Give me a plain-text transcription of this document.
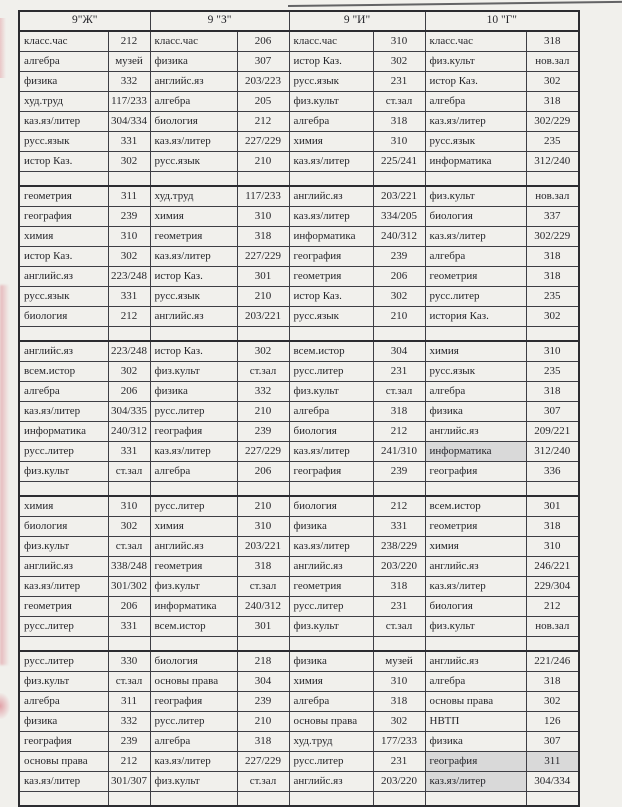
9"Ж"		9 "З"		9 "И"		10 "Г"	
класс.час	212	класс.час	206	класс.час	310	класс.час	318
алгебра	музей	физика	307	истор Каз.	302	физ.культ	нов.зал
физика	332	английс.яз	203/223	русс.язык	231	истор Каз.	302
худ.труд	117/233	алгебра	205	физ.культ	ст.зал	алгебра	318
каз.яз/литер	304/334	биология	212	алгебра	318	каз.яз/литер	302/229
русс.язык	331	каз.яз/литер	227/229	химия	310	русс.язык	235
истор Каз.	302	русс.язык	210	каз.яз/литер	225/241	информатика	312/240

геометрия	311	худ.труд	117/233	английс.яз	203/221	физ.культ	нов.зал
география	239	химия	310	каз.яз/литер	334/205	биология	337
химия	310	геометрия	318	информатика	240/312	каз.яз/литер	302/229
истор Каз.	302	каз.яз/литер	227/229	география	239	алгебра	318
английс.яз	223/248	истор Каз.	301	геометрия	206	геометрия	318
русс.язык	331	русс.язык	210	истор Каз.	302	русс.литер	235
биология	212	английс.яз	203/221	русс.язык	210	история Каз.	302

английс.яз	223/248	истор Каз.	302	всем.истор	304	химия	310
всем.истор	302	физ.культ	ст.зал	русс.литер	231	русс.язык	235
алгебра	206	физика	332	физ.культ	ст.зал	алгебра	318
каз.яз/литер	304/335	русс.литер	210	алгебра	318	физика	307
информатика	240/312	география	239	биология	212	английс.яз	209/221
русс.литер	331	каз.яз/литер	227/229	каз.яз/литер	241/310	информатика	312/240
физ.культ	ст.зал	алгебра	206	география	239	география	336

химия	310	русс.литер	210	биология	212	всем.истор	301
биология	302	химия	310	физика	331	геометрия	318
физ.культ	ст.зал	английс.яз	203/221	каз.яз/литер	238/229	химия	310
английс.яз	338/248	геометрия	318	английс.яз	203/220	английс.яз	246/221
каз.яз/литер	301/302	физ.культ	ст.зал	геометрия	318	каз.яз/литер	229/304
геометрия	206	информатика	240/312	русс.литер	231	биология	212
русс.литер	331	всем.истор	301	физ.культ	ст.зал	физ.культ	нов.зал

русс.литер	330	биология	218	физика	музей	английс.яз	221/246
физ.культ	ст.зал	основы права	304	химия	310	алгебра	318
алгебра	311	география	239	алгебра	318	основы права	302
физика	332	русс.литер	210	основы права	302	НВТП	126
география	239	алгебра	318	худ.труд	177/233	физика	307
основы права	212	каз.яз/литер	227/229	русс.литер	231	география	311
каз.яз/литер	301/307	физ.культ	ст.зал	английс.яз	203/220	каз.яз/литер	304/334
